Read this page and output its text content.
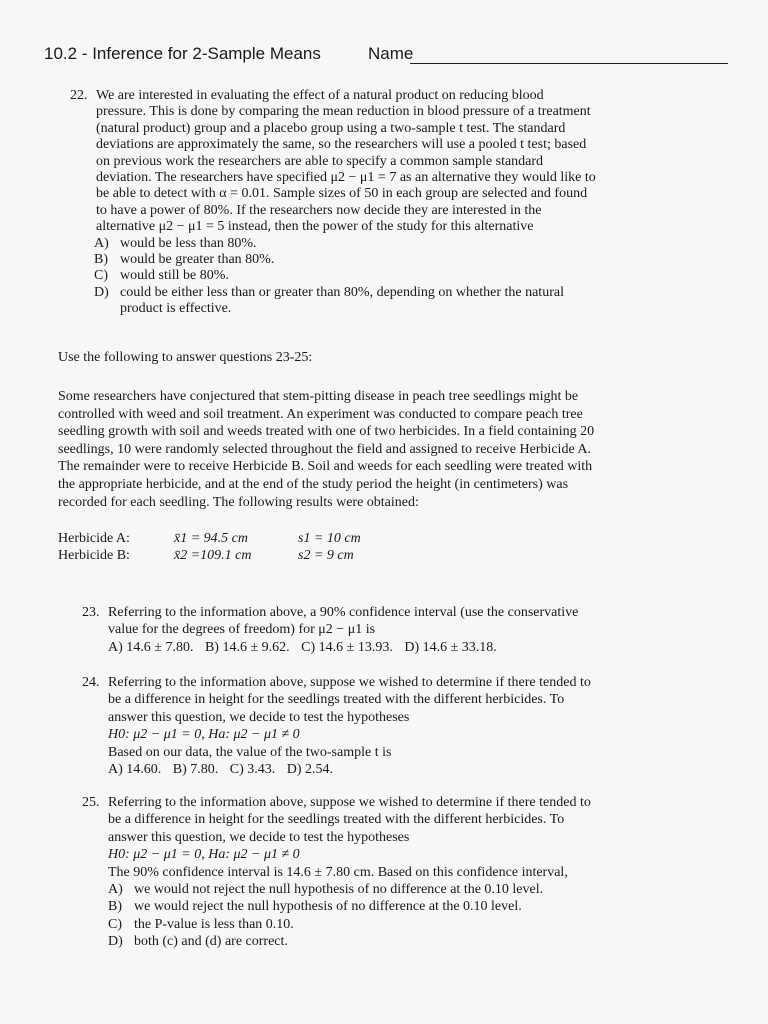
10.2 - Inference for 2-Sample Means	Name
22. We are interested in evaluating the effect of a natural product on reducing blood
pressure. This is done by comparing the mean reduction in blood pressure of a treatment
(natural product) group and a placebo group using a two-sample t test. The standard
deviations are approximately the same, so the researchers will use a pooled t test; based
on previous work the researchers are able to specify a common sample standard
deviation. The researchers have specified μ2 − μ1 = 7 as an alternative they would like to
be able to detect with α = 0.01. Sample sizes of 50 in each group are selected and found
to have a power of 80%. If the researchers now decide they are interested in the
alternative μ2 − μ1 = 5 instead, then the power of the study for this alternative
A) would be less than 80%.
B) would be greater than 80%.
C) would still be 80%.
D) could be either less than or greater than 80%, depending on whether the natural
product is effective.
Use the following to answer questions 23-25:
Some researchers have conjectured that stem-pitting disease in peach tree seedlings might be
controlled with weed and soil treatment. An experiment was conducted to compare peach tree
seedling growth with soil and weeds treated with one of two herbicides. In a field containing 20
seedlings, 10 were randomly selected throughout the field and assigned to receive Herbicide A.
The remainder were to receive Herbicide B. Soil and weeds for each seedling were treated with
the appropriate herbicide, and at the end of the study period the height (in centimeters) was
recorded for each seedling. The following results were obtained:
Herbicide A:	x̄1 = 94.5 cm	s1 = 10 cm
Herbicide B:	x̄2 =109.1 cm	s2 = 9 cm
23. Referring to the information above, a 90% confidence interval (use the conservative
value for the degrees of freedom) for μ2 − μ1 is
A) 14.6 ± 7.80. B) 14.6 ± 9.62. C) 14.6 ± 13.93. D) 14.6 ± 33.18.
24. Referring to the information above, suppose we wished to determine if there tended to
be a difference in height for the seedlings treated with the different herbicides. To
answer this question, we decide to test the hypotheses
H0: μ2 − μ1 = 0, Ha: μ2 − μ1 ≠ 0
Based on our data, the value of the two-sample t is
A) 14.60. B) 7.80. C) 3.43. D) 2.54.
25. Referring to the information above, suppose we wished to determine if there tended to
be a difference in height for the seedlings treated with the different herbicides. To
answer this question, we decide to test the hypotheses
H0: μ2 − μ1 = 0, Ha: μ2 − μ1 ≠ 0
The 90% confidence interval is 14.6 ± 7.80 cm. Based on this confidence interval,
A) we would not reject the null hypothesis of no difference at the 0.10 level.
B) we would reject the null hypothesis of no difference at the 0.10 level.
C) the P-value is less than 0.10.
D) both (c) and (d) are correct.
